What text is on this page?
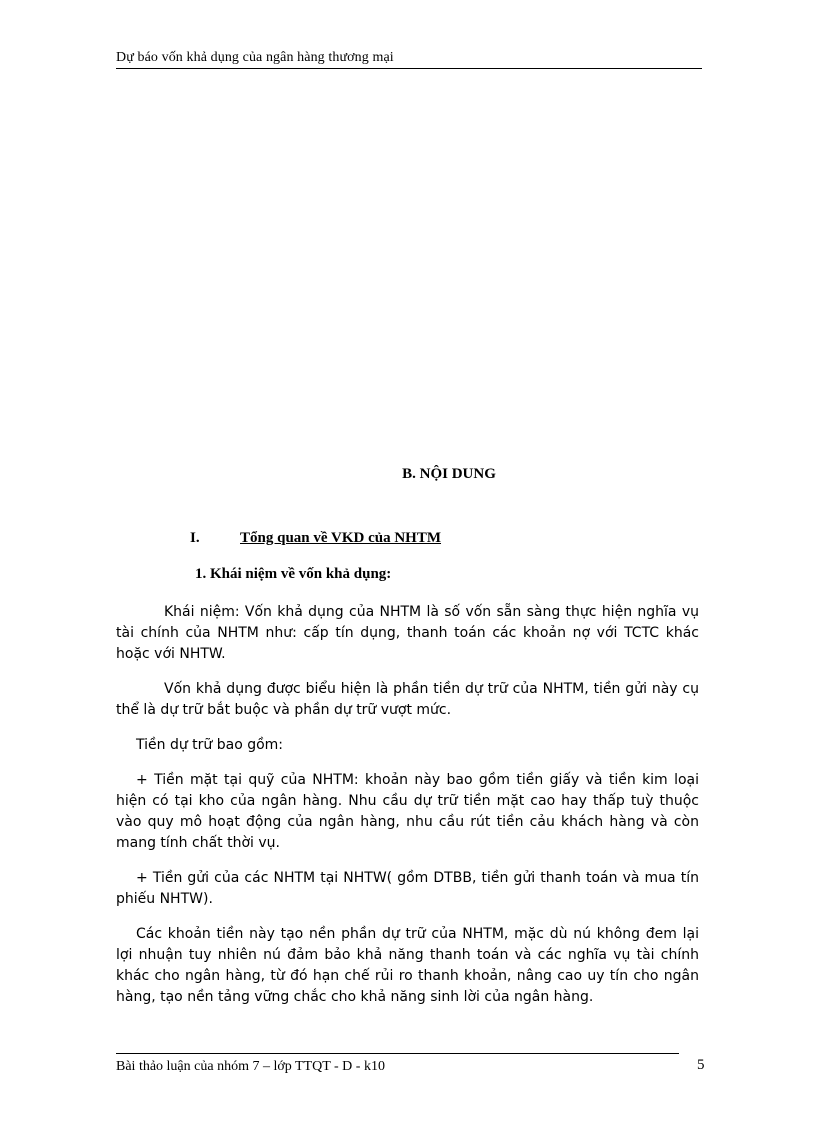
Dự báo vốn khả dụng của ngân hàng thương mại
B. NỘI DUNG
I.	Tổng quan về VKD của NHTM
1. Khái niệm về vốn khả dụng:

Khái niệm: Vốn khả dụng của NHTM là số vốn sẵn sàng thực hiện nghĩa vụ tài chính của NHTM như: cấp tín dụng, thanh toán các khoản nợ với TCTC khác hoặc với NHTW.

Vốn khả dụng được biểu hiện là phần tiền dự trữ của NHTM, tiền gửi này cụ thể là dự trữ bắt buộc và phần dự trữ vượt mức.

Tiền dự trữ bao gồm:

+ Tiền mặt tại quỹ của NHTM: khoản này bao gồm tiền giấy và tiền kim loại hiện có tại kho của ngân hàng. Nhu cầu dự trữ tiền mặt cao hay thấp tuỳ thuộc vào quy mô hoạt động của ngân hàng, nhu cầu rút tiền cảu khách hàng và còn mang tính chất thời vụ.

+ Tiền gửi của các NHTM tại NHTW( gồm DTBB, tiền gửi thanh toán và mua tín phiếu NHTW).

Các khoản tiền này tạo nền phần dự trữ của NHTM, mặc dù nú không đem lại lợi nhuận tuy nhiên nú đảm bảo khả năng thanh toán và các nghĩa vụ tài chính khác cho ngân hàng, từ đó hạn chế rủi ro thanh khoản, nâng cao uy tín cho ngân hàng, tạo nền tảng vững chắc cho khả năng sinh lời của ngân hàng.

Bài thảo luận của nhóm 7 – lớp TTQT - D - k10	5
